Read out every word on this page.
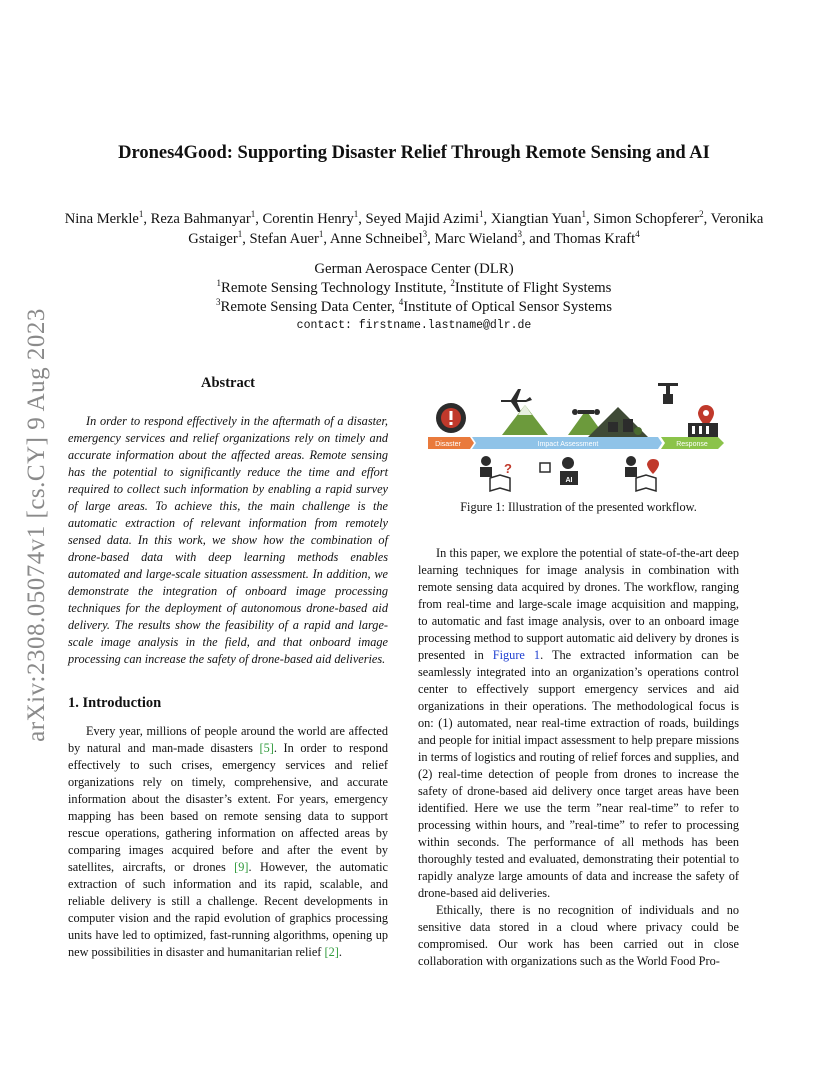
arXiv:2308.05074v1 [cs.CY] 9 Aug 2023
Drones4Good: Supporting Disaster Relief Through Remote Sensing and AI
Nina Merkle$^1$, Reza Bahmanyar$^1$, Corentin Henry$^1$, Seyed Majid Azimi$^1$, Xiangtian Yuan$^1$, Simon Schopferer$^2$, Veronika Gstaiger$^1$, Stefan Auer$^1$, Anne Schneibel$^3$, Marc Wieland$^3$, and Thomas Kraft$^4$
German Aerospace Center (DLR)
$^1$Remote Sensing Technology Institute, $^2$Institute of Flight Systems
$^3$Remote Sensing Data Center, $^4$Institute of Optical Sensor Systems
contact: firstname.lastname@dlr.de
Abstract
In order to respond effectively in the aftermath of a disaster, emergency services and relief organizations rely on timely and accurate information about the affected areas. Remote sensing has the potential to significantly reduce the time and effort required to collect such information by enabling a rapid survey of large areas. To achieve this, the main challenge is the automatic extraction of relevant information from remotely sensed data. In this work, we show how the combination of drone-based data with deep learning methods enables automated and large-scale situation assessment. In addition, we demonstrate the integration of onboard image processing techniques for the deployment of autonomous drone-based aid delivery. The results show the feasibility of a rapid and large-scale image analysis in the field, and that onboard image processing can increase the safety of drone-based aid deliveries.
1. Introduction
Every year, millions of people around the world are affected by natural and man-made disasters [5]. In order to respond effectively to such crises, emergency services and relief organizations rely on timely, comprehensive, and accurate information about the disaster’s extent. For years, emergency mapping has been based on remote sensing data to support rescue operations, gathering information on affected areas by comparing images acquired before and after the event by satellites, aircrafts, or drones [9]. However, the automatic extraction of such information and its rapid, scalable, and reliable delivery is still a challenge. Recent developments in computer vision and the rapid evolution of graphics processing units have led to optimized, fast-running algorithms, opening up new possibilities in disaster and humanitarian relief [2].
Disaster	Impact Assessment	Response
?
AI
Figure 1: Illustration of the presented workflow.

In this paper, we explore the potential of state-of-the-art deep learning techniques for image analysis in combination with remote sensing data acquired by drones. The workflow, ranging from real-time and large-scale image acquisition and mapping, to automatic and fast image analysis, over to an onboard image processing method to support automatic aid delivery by drones is presented in Figure 1. The extracted information can be seamlessly integrated into an organization’s operations control center to effectively support emergency services and aid organizations in their operations. The methodological focus is on: (1) automated, near real-time extraction of roads, buildings and people for initial impact assessment to help prepare missions in terms of logistics and routing of relief forces and supplies, and (2) real-time detection of people from drones to increase the safety of drone-based aid delivery once target areas have been identified. Here we use the term ”near real-time” to refer to processing within hours, and ”real-time” to refer to processing within seconds. The performance of all methods has been thoroughly tested and evaluated, demonstrating their potential to rapidly analyze large amounts of data and increase the safety of drone-based aid deliveries.

Ethically, there is no recognition of individuals and no sensitive data stored in a cloud where privacy could be compromised. Our work has been carried out in close collaboration with organizations such as the World Food Pro-
